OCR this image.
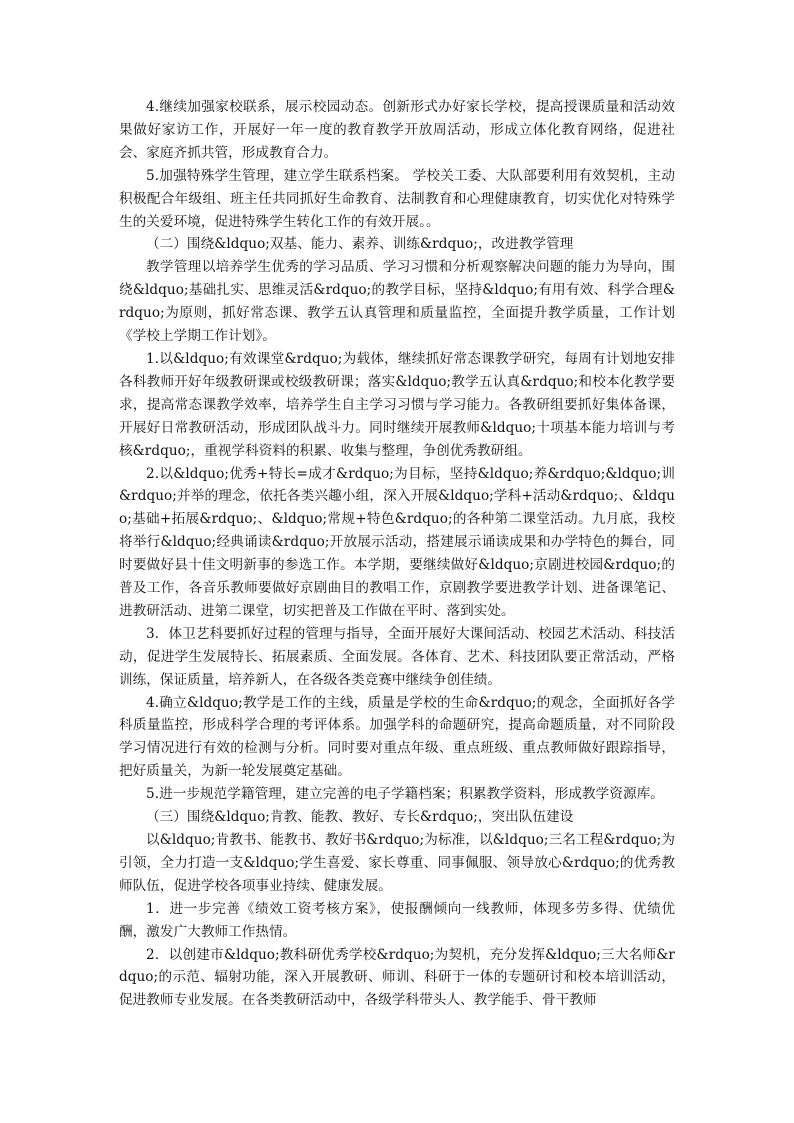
4.继续加强家校联系，展示校园动态。创新形式办好家长学校，提高授课质量和活动效果做好家访工作，开展好一年一度的教育教学开放周活动，形成立体化教育网络，促进社会、家庭齐抓共管，形成教育合力。

5.加强特殊学生管理，建立学生联系档案。 学校关工委、大队部要利用有效契机，主动积极配合年级组、班主任共同抓好生命教育、法制教育和心理健康教育，切实优化对特殊学生的关爱环境，促进特殊学生转化工作的有效开展。。

（二）围绕&ldquo;双基、能力、素养、训练&rdquo;，改进教学管理

教学管理以培养学生优秀的学习品质、学习习惯和分析观察解决问题的能力为导向，围绕&ldquo;基础扎实、思维灵活&rdquo;的教学目标，坚持&ldquo;有用有效、科学合理&rdquo;为原则，抓好常态课、教学五认真管理和质量监控，全面提升教学质量，工作计划《学校上学期工作计划》。

1.以&ldquo;有效课堂&rdquo;为载体，继续抓好常态课教学研究，每周有计划地安排各科教师开好年级教研课或校级教研课；落实&ldquo;教学五认真&rdquo;和校本化教学要求，提高常态课教学效率，培养学生自主学习习惯与学习能力。各教研组要抓好集体备课，开展好日常教研活动，形成团队战斗力。同时继续开展教师&ldquo;十项基本能力培训与考核&rdquo;，重视学科资料的积累、收集与整理，争创优秀教研组。

2.以&ldquo;优秀+特长=成才&rdquo;为目标，坚持&ldquo;养&rdquo;&ldquo;训&rdquo;并举的理念，依托各类兴趣小组，深入开展&ldquo;学科+活动&rdquo;、&ldquo;基础+拓展&rdquo;、&ldquo;常规+特色&rdquo;的各种第二课堂活动。九月底，我校将举行&ldquo;经典诵读&rdquo;开放展示活动，搭建展示诵读成果和办学特色的舞台，同时要做好县十佳文明新事的参选工作。本学期，要继续做好&ldquo;京剧进校园&rdquo;的普及工作，各音乐教师要做好京剧曲目的教唱工作，京剧教学要进教学计划、进备课笔记、进教研活动、进第二课堂，切实把普及工作做在平时、落到实处。

3．体卫艺科要抓好过程的管理与指导，全面开展好大课间活动、校园艺术活动、科技活动，促进学生发展特长、拓展素质、全面发展。各体育、艺术、科技团队要正常活动，严格训练，保证质量，培养新人，在各级各类竞赛中继续争创佳绩。

4.确立&ldquo;教学是工作的主线，质量是学校的生命&rdquo;的观念，全面抓好各学科质量监控，形成科学合理的考评体系。加强学科的命题研究，提高命题质量，对不同阶段学习情况进行有效的检测与分析。同时要对重点年级、重点班级、重点教师做好跟踪指导，把好质量关，为新一轮发展奠定基础。

5.进一步规范学籍管理，建立完善的电子学籍档案；积累教学资料，形成教学资源库。

（三）围绕&ldquo;肯教、能教、教好、专长&rdquo;，突出队伍建设

以&ldquo;肯教书、能教书、教好书&rdquo;为标准，以&ldquo;三名工程&rdquo;为引领，全力打造一支&ldquo;学生喜爱、家长尊重、同事佩服、领导放心&rdquo;的优秀教师队伍，促进学校各项事业持续、健康发展。

1．进一步完善《绩效工资考核方案》，使报酬倾向一线教师，体现多劳多得、优绩优酬，激发广大教师工作热情。

2．以创建市&ldquo;教科研优秀学校&rdquo;为契机，充分发挥&ldquo;三大名师&rdquo;的示范、辐射功能，深入开展教研、师训、科研于一体的专题研讨和校本培训活动，促进教师专业发展。在各类教研活动中，各级学科带头人、教学能手、骨干教师
